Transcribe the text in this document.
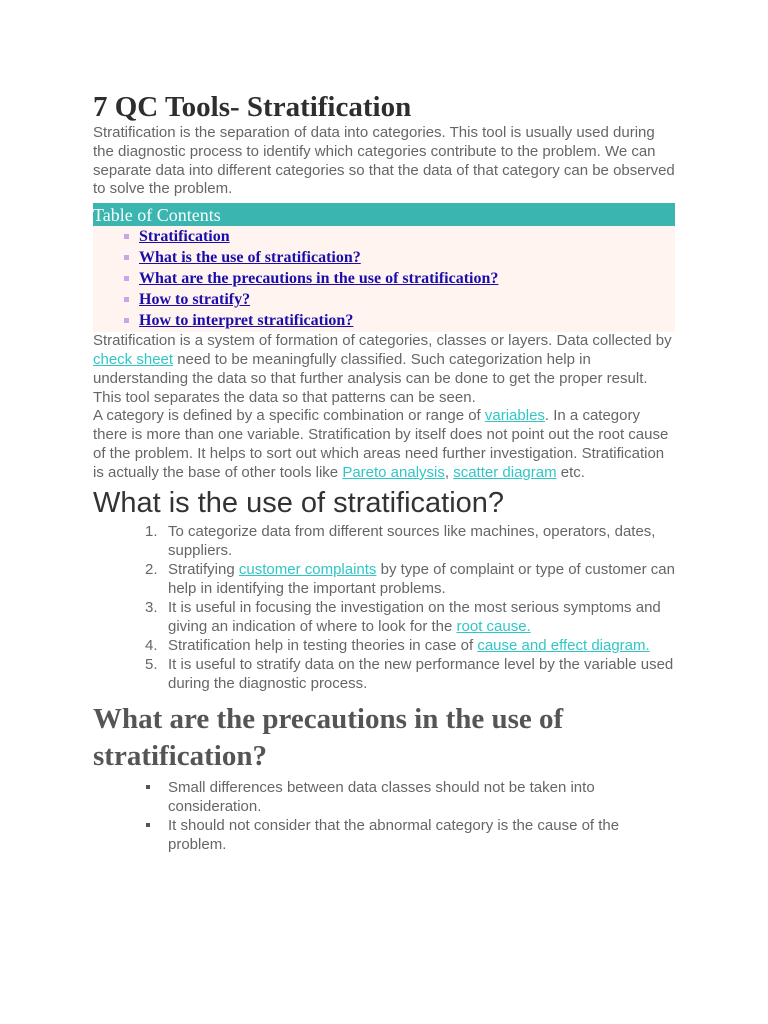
7 QC Tools- Stratification

Stratification is the separation of data into categories. This tool is usually used during the diagnostic process to identify which categories contribute to the problem. We can separate data into different categories so that the data of that category can be observed to solve the problem.

Table of Contents
Stratification
What is the use of stratification?
What are the precautions in the use of stratification?
How to stratify?
How to interpret stratification?

Stratification is a system of formation of categories, classes or layers. Data collected by check sheet need to be meaningfully classified. Such categorization help in understanding the data so that further analysis can be done to get the proper result. This tool separates the data so that patterns can be seen.

A category is defined by a specific combination or range of variables. In a category there is more than one variable. Stratification by itself does not point out the root cause of the problem. It helps to sort out which areas need further investigation. Stratification is actually the base of other tools like Pareto analysis, scatter diagram etc.

What is the use of stratification?
1. To categorize data from different sources like machines, operators, dates, suppliers.
2. Stratifying customer complaints by type of complaint or type of customer can help in identifying the important problems.
3. It is useful in focusing the investigation on the most serious symptoms and giving an indication of where to look for the root cause.
4. Stratification help in testing theories in case of cause and effect diagram.
5. It is useful to stratify data on the new performance level by the variable used during the diagnostic process.
What are the precautions in the use of stratification?
Small differences between data classes should not be taken into consideration.
It should not consider that the abnormal category is the cause of the problem.
